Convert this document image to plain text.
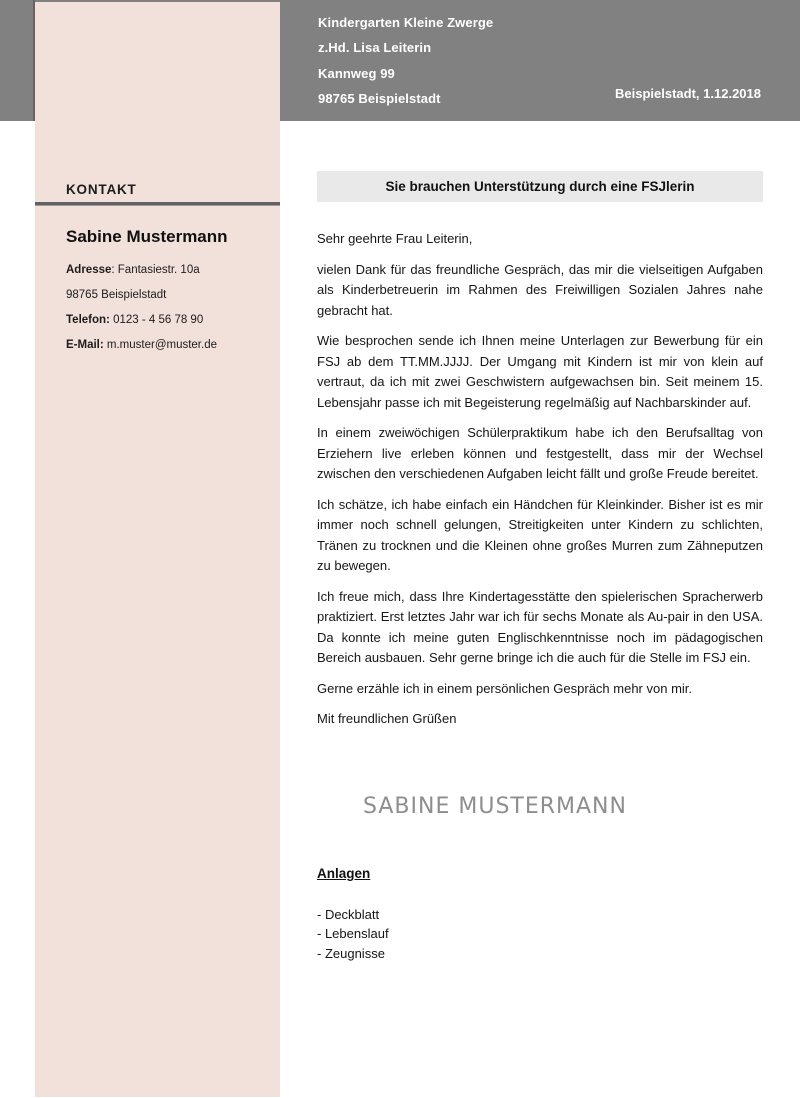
Kindergarten Kleine Zwerge
z.Hd. Lisa Leiterin
Kannweg 99
98765 Beispielstadt	Beispielstadt, 1.12.2018
KONTAKT
Sabine Mustermann
Adresse: Fantasiestr. 10a
98765 Beispielstadt
Telefon: 0123 - 4 56 78 90
E-Mail: m.muster@muster.de
Sie brauchen Unterstützung durch eine FSJlerin

Sehr geehrte Frau Leiterin,

vielen Dank für das freundliche Gespräch, das mir die vielseitigen Aufgaben als Kinderbetreuerin im Rahmen des Freiwilligen Sozialen Jahres nahe gebracht hat.

Wie besprochen sende ich Ihnen meine Unterlagen zur Bewerbung für ein FSJ ab dem TT.MM.JJJJ. Der Umgang mit Kindern ist mir von klein auf vertraut, da ich mit zwei Geschwistern aufgewachsen bin. Seit meinem 15. Lebensjahr passe ich mit Begeisterung regelmäßig auf Nachbarskinder auf.

In einem zweiwöchigen Schülerpraktikum habe ich den Berufsalltag von Erziehern live erleben können und festgestellt, dass mir der Wechsel zwischen den verschiedenen Aufgaben leicht fällt und große Freude bereitet.

Ich schätze, ich habe einfach ein Händchen für Kleinkinder. Bisher ist es mir immer noch schnell gelungen, Streitigkeiten unter Kindern zu schlichten, Tränen zu trocknen und die Kleinen ohne großes Murren zum Zähneputzen zu bewegen.

Ich freue mich, dass Ihre Kindertagesstätte den spielerischen Spracherwerb praktiziert. Erst letztes Jahr war ich für sechs Monate als Au-pair in den USA. Da konnte ich meine guten Englischkenntnisse noch im pädagogischen Bereich ausbauen. Sehr gerne bringe ich die auch für die Stelle im FSJ ein.

Gerne erzähle ich in einem persönlichen Gespräch mehr von mir.

Mit freundlichen Grüßen

SABINE MUSTERMANN
Anlagen
- Deckblatt
- Lebenslauf
- Zeugnisse
